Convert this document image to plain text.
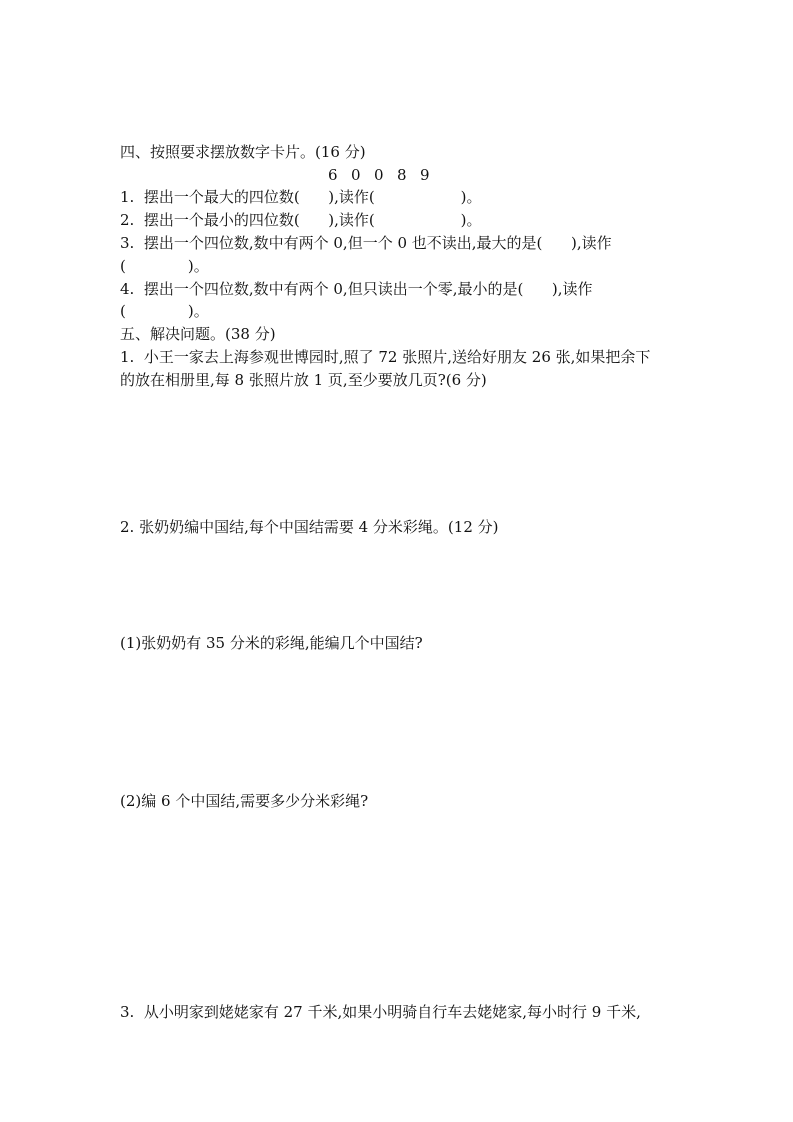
四、按照要求摆放数字卡片。(16 分)
6 0 0 8 9
1.  摆出一个最大的四位数(      ),读作(                  )。
2.  摆出一个最小的四位数(      ),读作(                  )。
3.  摆出一个四位数,数中有两个 0,但一个 0 也不读出,最大的是(      ),读作
(             )。
4.  摆出一个四位数,数中有两个 0,但只读出一个零,最小的是(      ),读作
(             )。
五、解决问题。(38 分)
1.  小王一家去上海参观世博园时,照了 72 张照片,送给好朋友 26 张,如果把余下
的放在相册里,每 8 张照片放 1 页,至少要放几页?(6 分)
2. 张奶奶编中国结,每个中国结需要 4 分米彩绳。(12 分)
(1)张奶奶有 35 分米的彩绳,能编几个中国结?
(2)编 6 个中国结,需要多少分米彩绳?
3.  从小明家到姥姥家有 27 千米,如果小明骑自行车去姥姥家,每小时行 9 千米,
